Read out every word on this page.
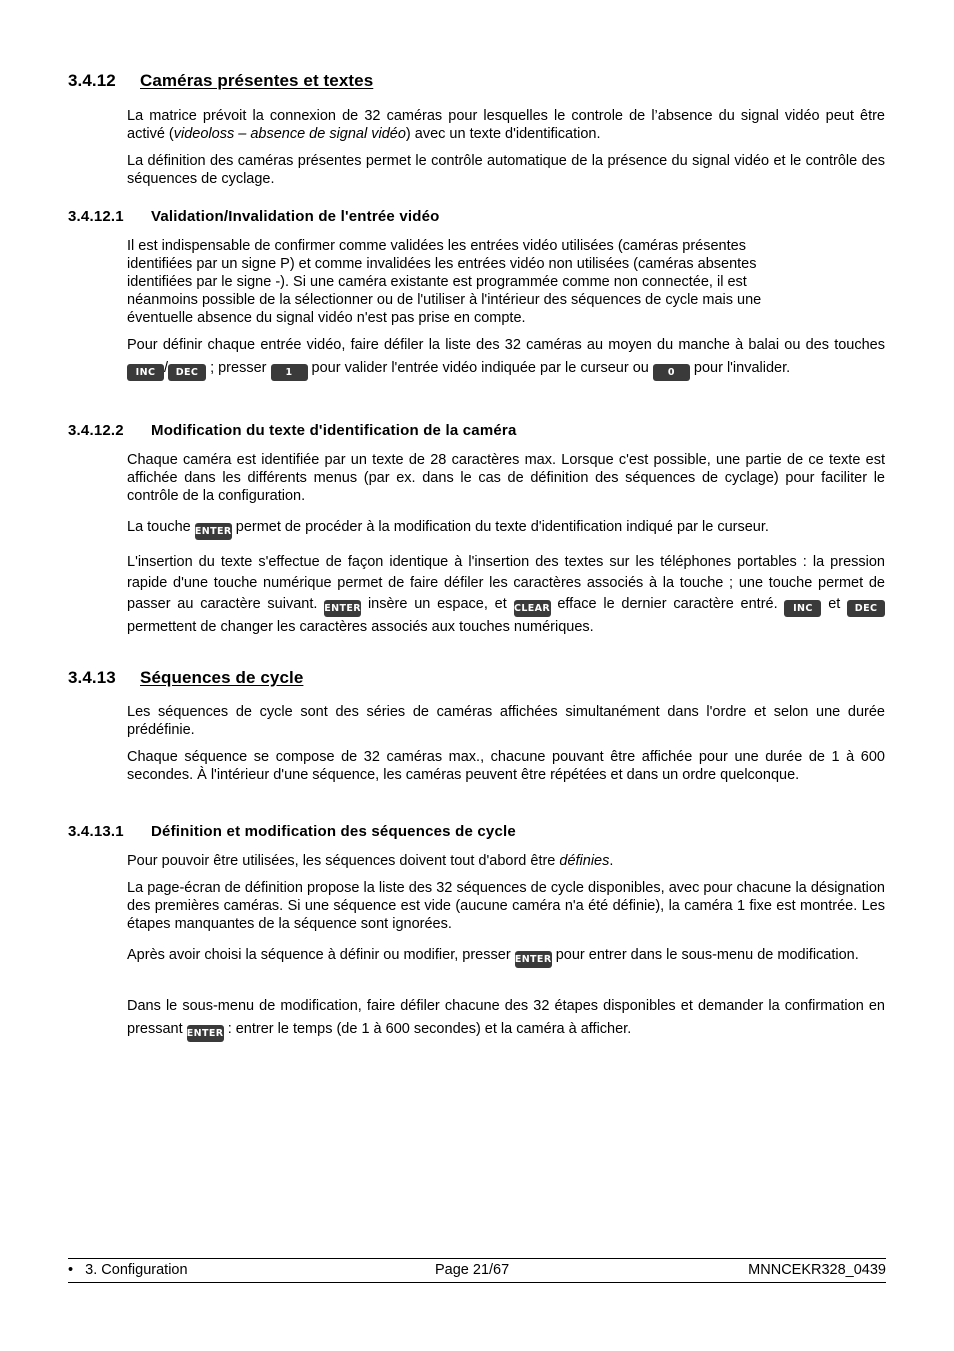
3.4.12 Caméras présentes et textes
La matrice prévoit la connexion de 32 caméras pour lesquelles le controle de l’absence du signal vidéo peut être activé (videoloss – absence de signal vidéo) avec un texte d'identification.
La définition des caméras présentes permet le contrôle automatique de la présence du signal vidéo et le contrôle des séquences de cyclage.
3.4.12.1 Validation/Invalidation de l'entrée vidéo
Il est indispensable de confirmer comme validées les entrées vidéo utilisées (caméras présentes
identifiées par un signe P) et comme invalidées les entrées vidéo non utilisées (caméras absentes
identifiées par le signe -). Si une caméra existante est programmée comme non connectée, il est
néanmoins possible de la sélectionner ou de l'utiliser à l'intérieur des séquences de cycle mais une
éventuelle absence du signal vidéo n'est pas prise en compte.
Pour définir chaque entrée vidéo, faire défiler la liste des 32 caméras au moyen du manche à balai ou des touches INC / DEC ; presser 1 pour valider l'entrée vidéo indiquée par le curseur ou 0 pour l'invalider.
3.4.12.2 Modification du texte d'identification de la caméra
Chaque caméra est identifiée par un texte de 28 caractères max. Lorsque c'est possible, une partie de ce texte est affichée dans les différents menus (par ex. dans le cas de définition des séquences de cyclage) pour faciliter le contrôle de la configuration.
La touche ENTER permet de procéder à la modification du texte d'identification indiqué par le curseur.
L'insertion du texte s'effectue de façon identique à l'insertion des textes sur les téléphones portables : la pression rapide d'une touche numérique permet de faire défiler les caractères associés à la touche ; une touche permet de passer au caractère suivant. ENTER insère un espace, et CLEAR efface le dernier caractère entré. INC et DEC permettent de changer les caractères associés aux touches numériques.
3.4.13 Séquences de cycle
Les séquences de cycle sont des séries de caméras affichées simultanément dans l'ordre et selon une durée prédéfinie.
Chaque séquence se compose de 32 caméras max., chacune pouvant être affichée pour une durée de 1 à 600 secondes. À l'intérieur d'une séquence, les caméras peuvent être répétées et dans un ordre quelconque.
3.4.13.1 Définition et modification des séquences de cycle
Pour pouvoir être utilisées, les séquences doivent tout d'abord être définies.
La page-écran de définition propose la liste des 32 séquences de cycle disponibles, avec pour chacune la désignation des premières caméras. Si une séquence est vide (aucune caméra n'a été définie), la caméra 1 fixe est montrée. Les étapes manquantes de la séquence sont ignorées.
Après avoir choisi la séquence à définir ou modifier, presser ENTER pour entrer dans le sous-menu de modification.
Dans le sous-menu de modification, faire défiler chacune des 32 étapes disponibles et demander la confirmation en pressant ENTER : entrer le temps (de 1 à 600 secondes) et la caméra à afficher.
• 3. Configuration	Page 21/67	MNNCEKR328_0439
